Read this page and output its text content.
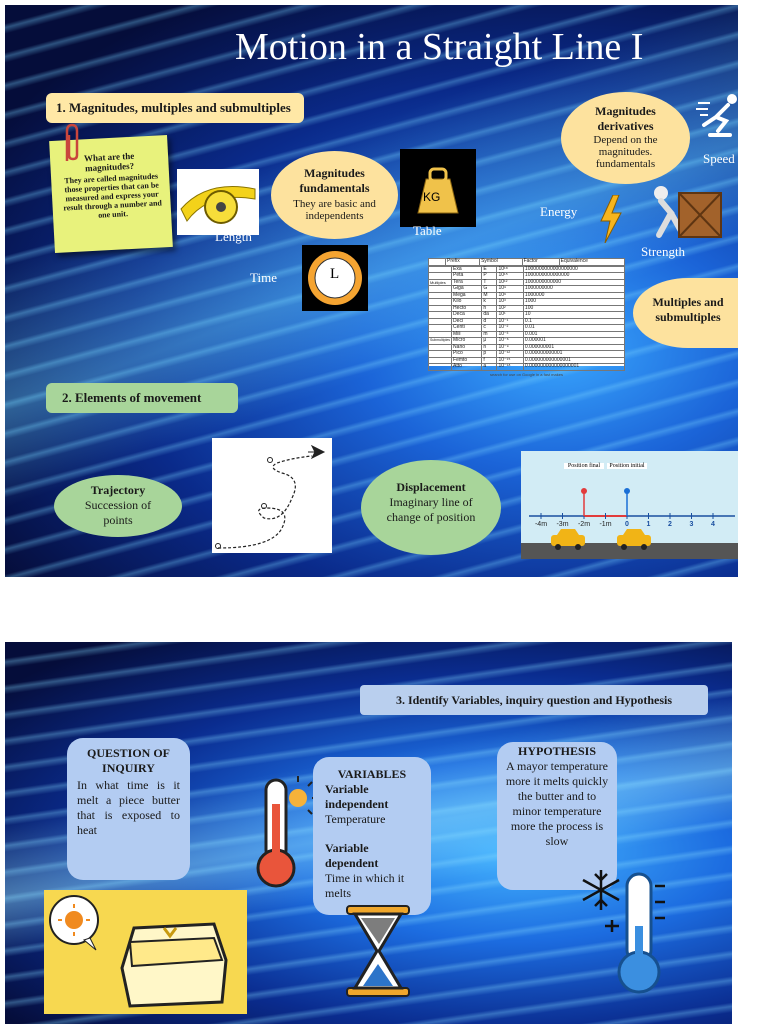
Motion in a Straight Line I
1. Magnitudes, multiples and submultiples
What are the magnitudes?
They are called magnitudes those properties that can be measured and express your result through a number and one unit.
Length
Magnitudes fundamentals
They are basic and independents
KG
Table
Time	L
	Prefix	Symbol	Factor	Equivalence
	Exa	E	10¹⁸	1000000000000000000
	Peta	P	10¹⁵	1000000000000000
Multiples	Tera	T	10¹²	1000000000000
	Giga	G	10⁹	1000000000
	Mega	M	10⁶	1000000
	Kilo	k	10³	1000
	Hecto	h	10²	100
	Deca	da	10¹	10
	Deci	d	10⁻¹	0.1
	Centi	c	10⁻²	0.01
	Mili	m	10⁻³	0.001
Submultiples	Micro	μ	10⁻⁶	0.000001
	Nano	n	10⁻⁹	0.000000001
	Pico	p	10⁻¹²	0.000000000001
	Femto	f	10⁻¹⁵	0.000000000000001
	Atto	a	10⁻¹⁸	0.000000000000000001
search for use on Google in a fast makes
Magnitudes derivatives
Depend on the magnitudes. fundamentals	Speed
Energy
Strength
Multiples and submultiples
2. Elements of movement
Trajectory
Succession of points
Displacement
Imaginary line of change of position
-4m	-3m	-2m	-1m	0	1	2	3	4
Position final	Position initial
3. Identify Variables, inquiry question and Hypothesis
QUESTION OF INQUIRY
In what time is it melt a piece butter that is exposed to heat
VARIABLES
Variable independent
Temperature
Variable dependent
Time in which it melts
HYPOTHESIS
A mayor temperature more it melts quickly the butter and to minor temperature more the process is slow
